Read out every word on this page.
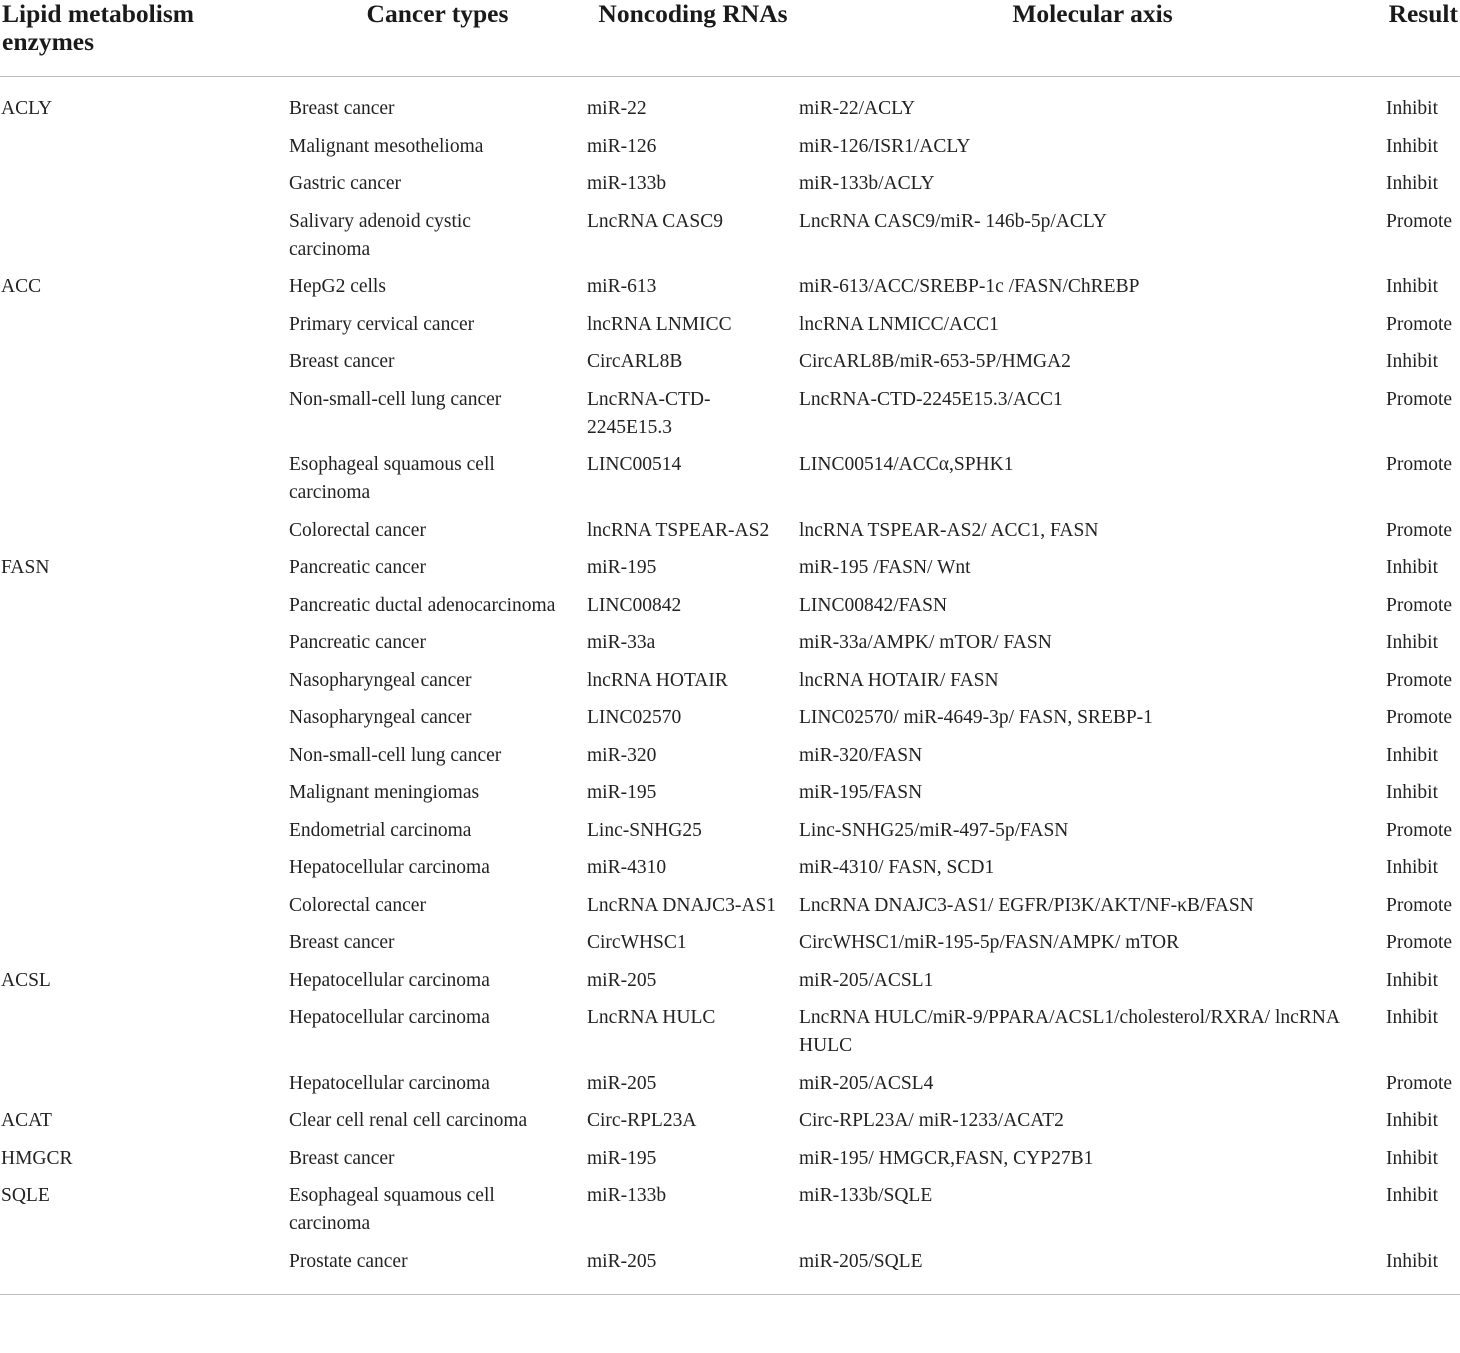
Lipid metabolism enzymes	Cancer types	Noncoding RNAs	Molecular axis	Result
ACLY	Breast cancer	miR-22	miR-22/ACLY	Inhibit
	Malignant mesothelioma	miR-126	miR-126/ISR1/ACLY	Inhibit
	Gastric cancer	miR-133b	miR-133b/ACLY	Inhibit
	Salivary adenoid cystic carcinoma	LncRNA CASC9	LncRNA CASC9/miR- 146b-5p/ACLY	Promote
ACC	HepG2 cells	miR-613	miR-613/ACC/SREBP-1c /FASN/ChREBP	Inhibit
	Primary cervical cancer	lncRNA LNMICC	lncRNA LNMICC/ACC1	Promote
	Breast cancer	CircARL8B	CircARL8B/miR-653-5P/HMGA2	Inhibit
	Non-small-cell lung cancer	LncRNA-CTD-2245E15.3	LncRNA-CTD-2245E15.3/ACC1	Promote
	Esophageal squamous cell carcinoma	LINC00514	LINC00514/ACCα,SPHK1	Promote
	Colorectal cancer	lncRNA TSPEAR-AS2	lncRNA TSPEAR-AS2/ ACC1, FASN	Promote
FASN	Pancreatic cancer	miR-195	miR-195 /FASN/ Wnt	Inhibit
	Pancreatic ductal adenocarcinoma	LINC00842	LINC00842/FASN	Promote
	Pancreatic cancer	miR-33a	miR-33a/AMPK/ mTOR/ FASN	Inhibit
	Nasopharyngeal cancer	lncRNA HOTAIR	lncRNA HOTAIR/ FASN	Promote
	Nasopharyngeal cancer	LINC02570	LINC02570/ miR-4649-3p/ FASN, SREBP-1	Promote
	Non-small-cell lung cancer	miR-320	miR-320/FASN	Inhibit
	Malignant meningiomas	miR-195	miR-195/FASN	Inhibit
	Endometrial carcinoma	Linc-SNHG25	Linc-SNHG25/miR-497-5p/FASN	Promote
	Hepatocellular carcinoma	miR-4310	miR-4310/ FASN, SCD1	Inhibit
	Colorectal cancer	LncRNA DNAJC3-AS1	LncRNA DNAJC3-AS1/ EGFR/PI3K/AKT/NF-κB/FASN	Promote
	Breast cancer	CircWHSC1	CircWHSC1/miR-195-5p/FASN/AMPK/ mTOR	Promote
ACSL	Hepatocellular carcinoma	miR-205	miR-205/ACSL1	Inhibit
	Hepatocellular carcinoma	LncRNA HULC	LncRNA HULC/miR-9/PPARA/ACSL1/cholesterol/RXRA/ lncRNA HULC	Inhibit
	Hepatocellular carcinoma	miR-205	miR-205/ACSL4	Promote
ACAT	Clear cell renal cell carcinoma	Circ-RPL23A	Circ-RPL23A/ miR-1233/ACAT2	Inhibit
HMGCR	Breast cancer	miR-195	miR-195/ HMGCR,FASN, CYP27B1	Inhibit
SQLE	Esophageal squamous cell carcinoma	miR-133b	miR-133b/SQLE	Inhibit
	Prostate cancer	miR-205	miR-205/SQLE	Inhibit
